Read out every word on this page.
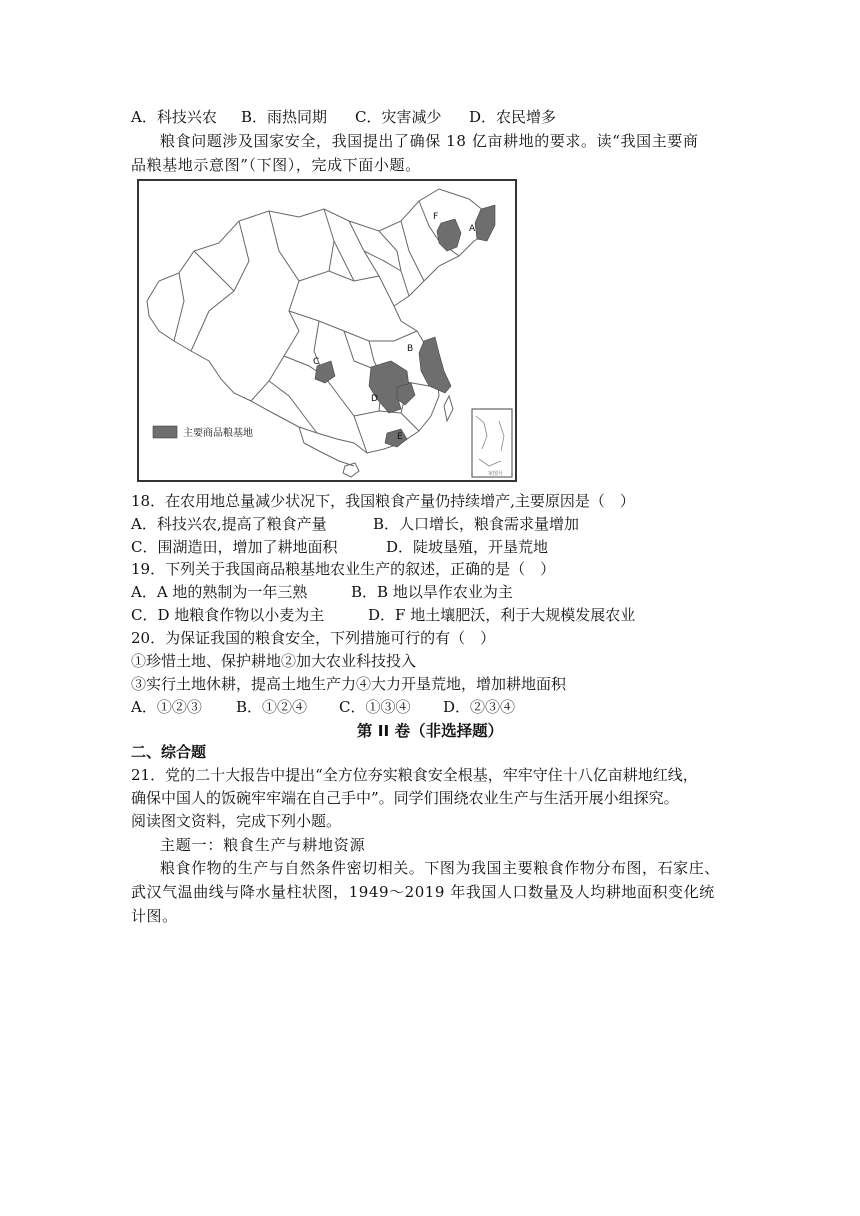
A．科技兴农 B．雨热同期 C．灾害减少 D．农民增多
粮食问题涉及国家安全，我国提出了确保 18 亿亩耕地的要求。读“我国主要商
品粮基地示意图”（下图），完成下面小题。
F
A
B
C
D
E
主要商品粮基地
审图号
18．在农用地总量减少状况下，我国粮食产量仍持续增产,主要原因是（　）
A．科技兴农,提高了粮食产量	B．人口增长，粮食需求量增加
C．围湖造田，增加了耕地面积	D．陡坡垦殖，开垦荒地
19．下列关于我国商品粮基地农业生产的叙述，正确的是（　）
A．A 地的熟制为一年三熟	B．B 地以旱作农业为主
C．D 地粮食作物以小麦为主	D．F 地土壤肥沃，利于大规模发展农业
20．为保证我国的粮食安全，下列措施可行的有（　）
①珍惜土地、保护耕地②加大农业科技投入
③实行土地休耕，提高土地生产力④大力开垦荒地，增加耕地面积
A．①②③ B．①②④ C．①③④ D．②③④
第 II 卷（非选择题）
二、综合题
21．党的二十大报告中提出“全方位夯实粮食安全根基，牢牢守住十八亿亩耕地红线，
确保中国人的饭碗牢牢端在自己手中”。同学们围绕农业生产与生活开展小组探究。
阅读图文资料，完成下列小题。
主题一：粮食生产与耕地资源
粮食作物的生产与自然条件密切相关。下图为我国主要粮食作物分布图，石家庄、
武汉气温曲线与降水量柱状图，1949～2019 年我国人口数量及人均耕地面积变化统
计图。
